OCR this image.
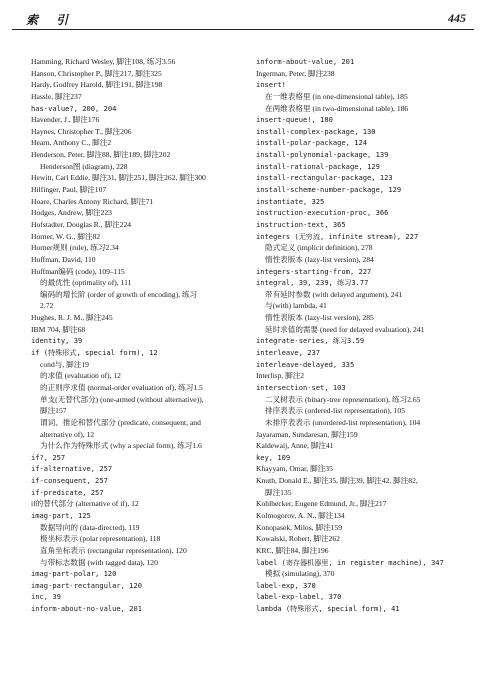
索引	445
Hamming, Richard Wesley, 脚注108, 练习3.56
Hanson, Christopher P., 脚注217, 脚注325
Hardy, Godfrey Harold, 脚注191, 脚注198
Hassle, 脚注237
has-value?, 200, 204
Havender, J., 脚注176
Haynes, Christopher T., 脚注206
Hearn, Anthony C., 脚注2
Henderson, Peter, 脚注88, 脚注189, 脚注202
Henderson图 (diagram), 228
Hewitt, Carl Eddie, 脚注31, 脚注251, 脚注262, 脚注300
Hilfinger, Paul, 脚注107
Hoare, Charles Antony Richard, 脚注71
Hodges, Andrew, 脚注223
Hofstadter, Douglas R., 脚注224
Horner, W. G., 脚注82
Horner规则 (rule), 练习2.34
Huffman, David, 110
Huffman编码 (code), 109–115
的最优性 (optimality of), 111
编码的增长阶 (order of growth of encoding), 练习
2.72
Hughes, R. J. M., 脚注245
IBM 704, 脚注68
identity, 39
if (特殊形式, special form), 12
cond与, 脚注19
的求值 (evaluation of), 12
的正则序求值 (normal-order evaluation of), 练习1.5
单支(无替代部分) (one-armed (without alternative)),
脚注157
谓词、推论和替代部分 (predicate, consequent, and
alternative of), 12
为什么作为特殊形式 (why a special form), 练习1.6
if?, 257
if-alternative, 257
if-consequent, 257
if-predicate, 257
if的替代部分 (alternative of if), 12
imag-part, 125
数据导向的 (data-directed), 119
极坐标表示 (polar representation), 118
直角坐标表示 (rectangular representation), 120
与带标志数据 (with tagged data), 120
imag-part-polar, 120
imag-part-rectangular, 120
inc, 39
inform-about-no-value, 201
inform-about-value, 201
Ingerman, Peter, 脚注238
insert!
在一维表格里 (in one-dimensional table), 185
在两维表格里 (in two-dimensional table), 186
insert-queue!, 180
install-complex-package, 130
install-polar-package, 124
install-polynomial-package, 139
install-rational-package, 129
install-rectangular-package, 123
install-scheme-number-package, 129
instantiate, 325
instruction-execution-proc, 366
instruction-text, 365
integers (无穷流, infinite stream), 227
隐式定义 (implicit definition), 278
惰性表版本 (lazy-list version), 284
integers-starting-from, 227
integral, 39, 239, 练习3.77
带有延时参数 (with delayed argument), 241
与(with) lambda, 41
惰性表版本 (lazy-list version), 285
延时求值的需要 (need for delayed evaluation), 241
integrate-series, 练习3.59
interleave, 237
interleave-delayed, 335
Interlisp, 脚注2
intersection-set, 103
二叉树表示 (binary-tree representation), 练习2.65
排序表表示 (ordered-list representation), 105
未排序表表示 (unordered-list representation), 104
Jayaraman, Sundaresan, 脚注159
Kaldewaij, Anne, 脚注41
key, 109
Khayyam, Omar, 脚注35
Knuth, Donald E., 脚注35, 脚注39, 脚注42, 脚注82,
脚注135
Kohlbecker, Eugene Edmund, Jr., 脚注217
Kolmogorov, A. N., 脚注134
Konopasek, Milos, 脚注159
Kowalski, Robert, 脚注262
KRC, 脚注84, 脚注196
label (寄存器机器里, in register machine), 347
模拟 (simulating), 370
label-exp, 370
label-exp-label, 370
lambda (特殊形式, special form), 41
